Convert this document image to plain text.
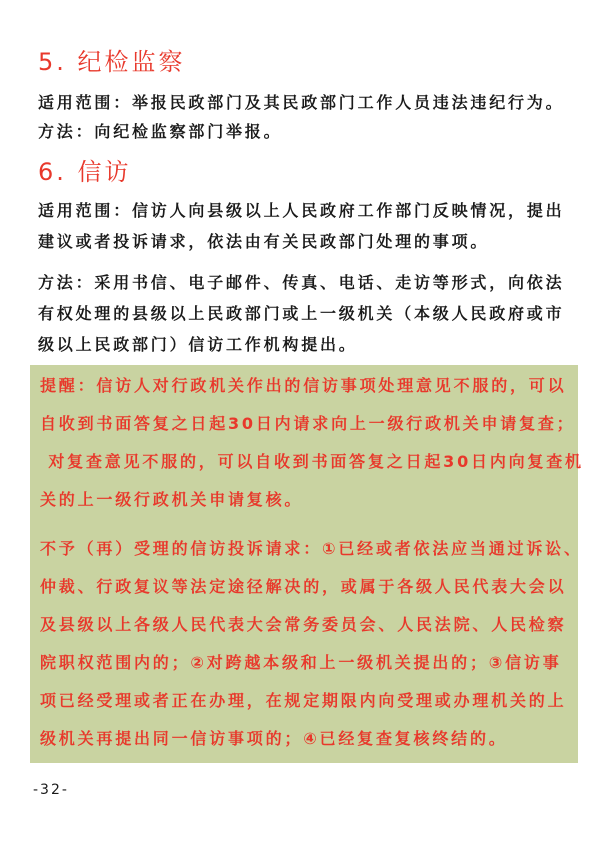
5. 纪检监察
适用范围：举报民政部门及其民政部门工作人员违法违纪行为。
方法：向纪检监察部门举报。
6. 信访
适用范围：信访人向县级以上人民政府工作部门反映情况，提出
建议或者投诉请求，依法由有关民政部门处理的事项。
方法：采用书信、电子邮件、传真、电话、走访等形式，向依法
有权处理的县级以上民政部门或上一级机关（本级人民政府或市
级以上民政部门）信访工作机构提出。
提醒：信访人对行政机关作出的信访事项处理意见不服的，可以
自收到书面答复之日起30日内请求向上一级行政机关申请复查；
对复查意见不服的，可以自收到书面答复之日起30日内向复查机
关的上一级行政机关申请复核。
不予（再）受理的信访投诉请求：①已经或者依法应当通过诉讼、
仲裁、行政复议等法定途径解决的，或属于各级人民代表大会以
及县级以上各级人民代表大会常务委员会、人民法院、人民检察
院职权范围内的；②对跨越本级和上一级机关提出的；③信访事
项已经受理或者正在办理，在规定期限内向受理或办理机关的上
级机关再提出同一信访事项的；④已经复查复核终结的。
-32-
